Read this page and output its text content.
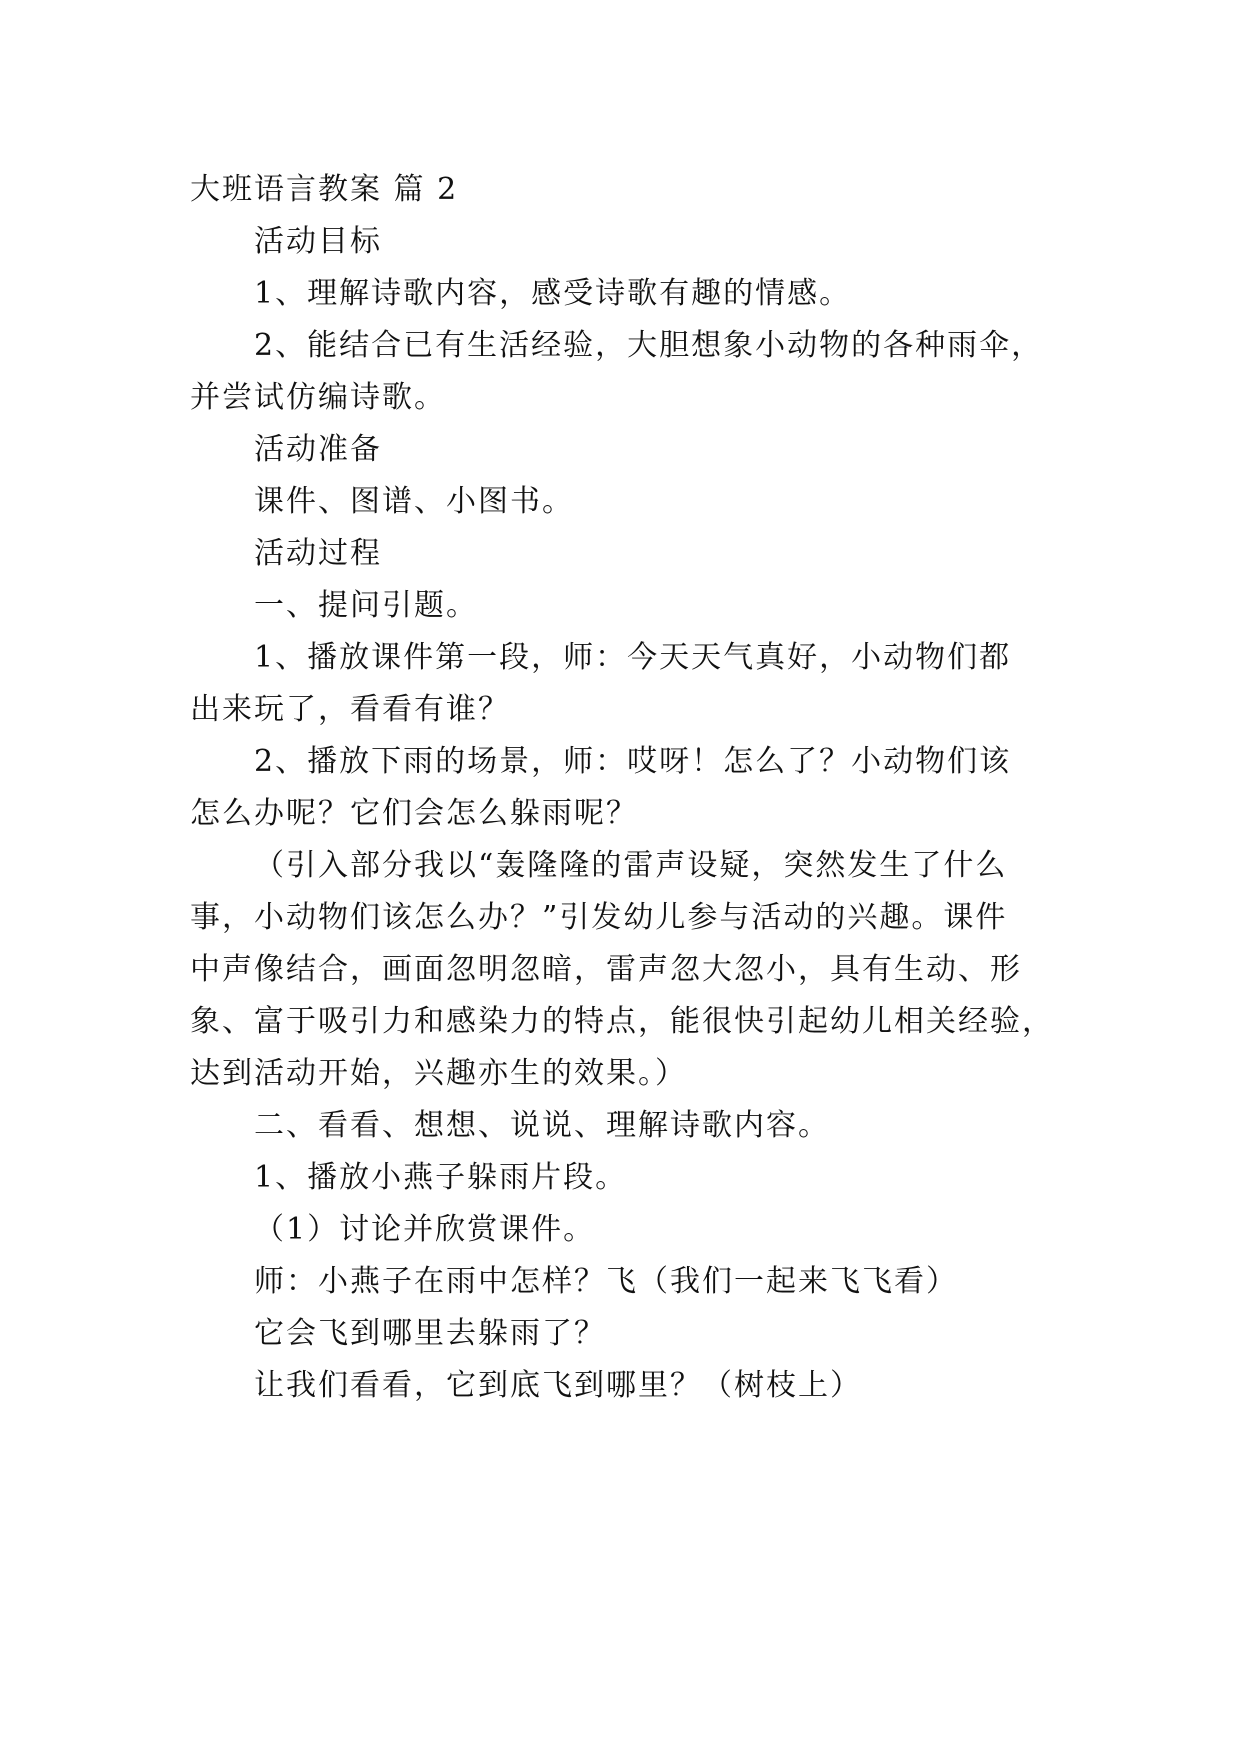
大班语言教案 篇 2
活动目标
1、理解诗歌内容，感受诗歌有趣的情感。
2、能结合已有生活经验，大胆想象小动物的各种雨伞，
并尝试仿编诗歌。
活动准备
课件、图谱、小图书。
活动过程
一、提问引题。
1、播放课件第一段，师：今天天气真好，小动物们都
出来玩了，看看有谁？
2、播放下雨的场景，师：哎呀！怎么了？小动物们该
怎么办呢？它们会怎么躲雨呢？
（引入部分我以“轰隆隆的雷声设疑，突然发生了什么
事，小动物们该怎么办？”引发幼儿参与活动的兴趣。课件
中声像结合，画面忽明忽暗，雷声忽大忽小，具有生动、形
象、富于吸引力和感染力的特点，能很快引起幼儿相关经验，
达到活动开始，兴趣亦生的效果。）
二、看看、想想、说说、理解诗歌内容。
1、播放小燕子躲雨片段。
（1）讨论并欣赏课件。
师：小燕子在雨中怎样？飞（我们一起来飞飞看）
它会飞到哪里去躲雨了？
让我们看看，它到底飞到哪里？（树枝上）
